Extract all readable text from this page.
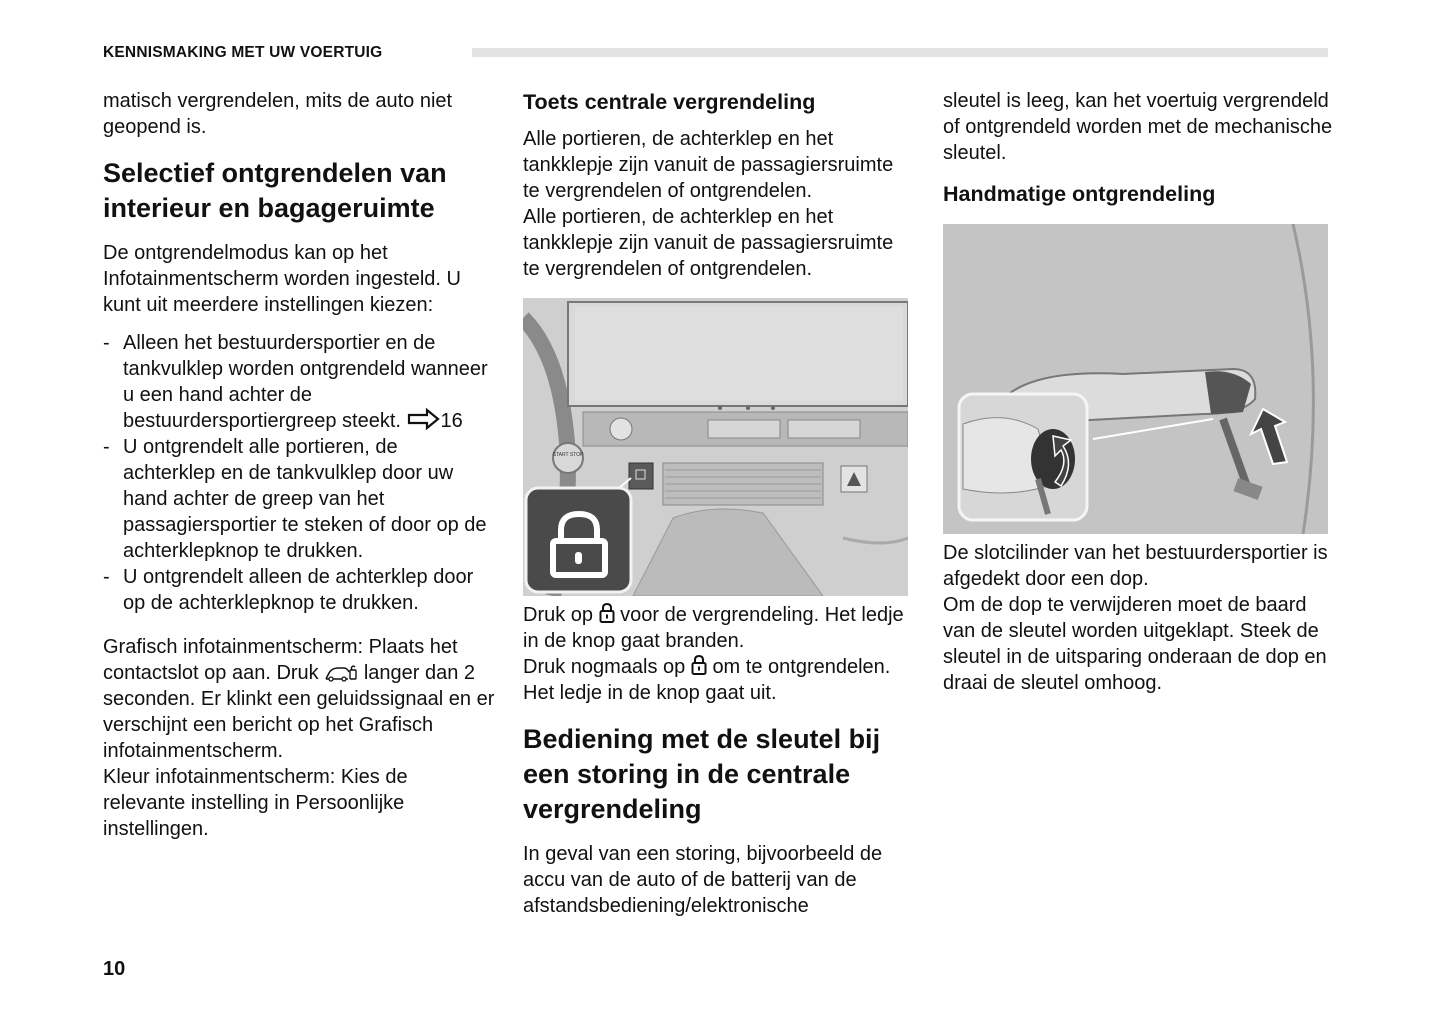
KENNISMAKING MET UW VOERTUIG

matisch vergrendelen, mits de auto niet geopend is.

Selectief ontgrendelen van interieur en bagageruimte

De ontgrendelmodus kan op het Infotainmentscherm worden ingesteld. U kunt uit meerdere instellingen kiezen:

- Alleen het bestuurdersportier en de tankvulklep worden ontgrendeld wanneer u een hand achter de bestuurdersportiergreep steekt. 16
- U ontgrendelt alle portieren, de achterklep en de tankvulklep door uw hand achter de greep van het passagiersportier te steken of door op de achterklepknop te drukken.
- U ontgrendelt alleen de achterklep door op de achterklepknop te drukken.

Grafisch infotainmentscherm: Plaats het contactslot op aan. Druk langer dan 2 seconden. Er klinkt een geluidssignaal en er verschijnt een bericht op het Grafisch infotainmentscherm.

Kleur infotainmentscherm: Kies de relevante instelling in Persoonlijke instellingen.

Toets centrale vergrendeling

Alle portieren, de achterklep en het tankklepje zijn vanuit de passagiersruimte te vergrendelen of ontgrendelen.

Alle portieren, de achterklep en het tankklepje zijn vanuit de passagiersruimte te vergrendelen of ontgrendelen.

START STOP

Druk op voor de vergrendeling. Het ledje in de knop gaat branden.

Druk nogmaals op om te ontgrendelen. Het ledje in de knop gaat uit.

Bediening met de sleutel bij een storing in de centrale vergrendeling

In geval van een storing, bijvoorbeeld de accu van de auto of de batterij van de afstandsbediening/elektronische

sleutel is leeg, kan het voertuig vergrendeld of ontgrendeld worden met de mechanische sleutel.

Handmatige ontgrendeling

De slotcilinder van het bestuurdersportier is afgedekt door een dop.

Om de dop te verwijderen moet de baard van de sleutel worden uitgeklapt. Steek de sleutel in de uitsparing onderaan de dop en draai de sleutel omhoog.

10
